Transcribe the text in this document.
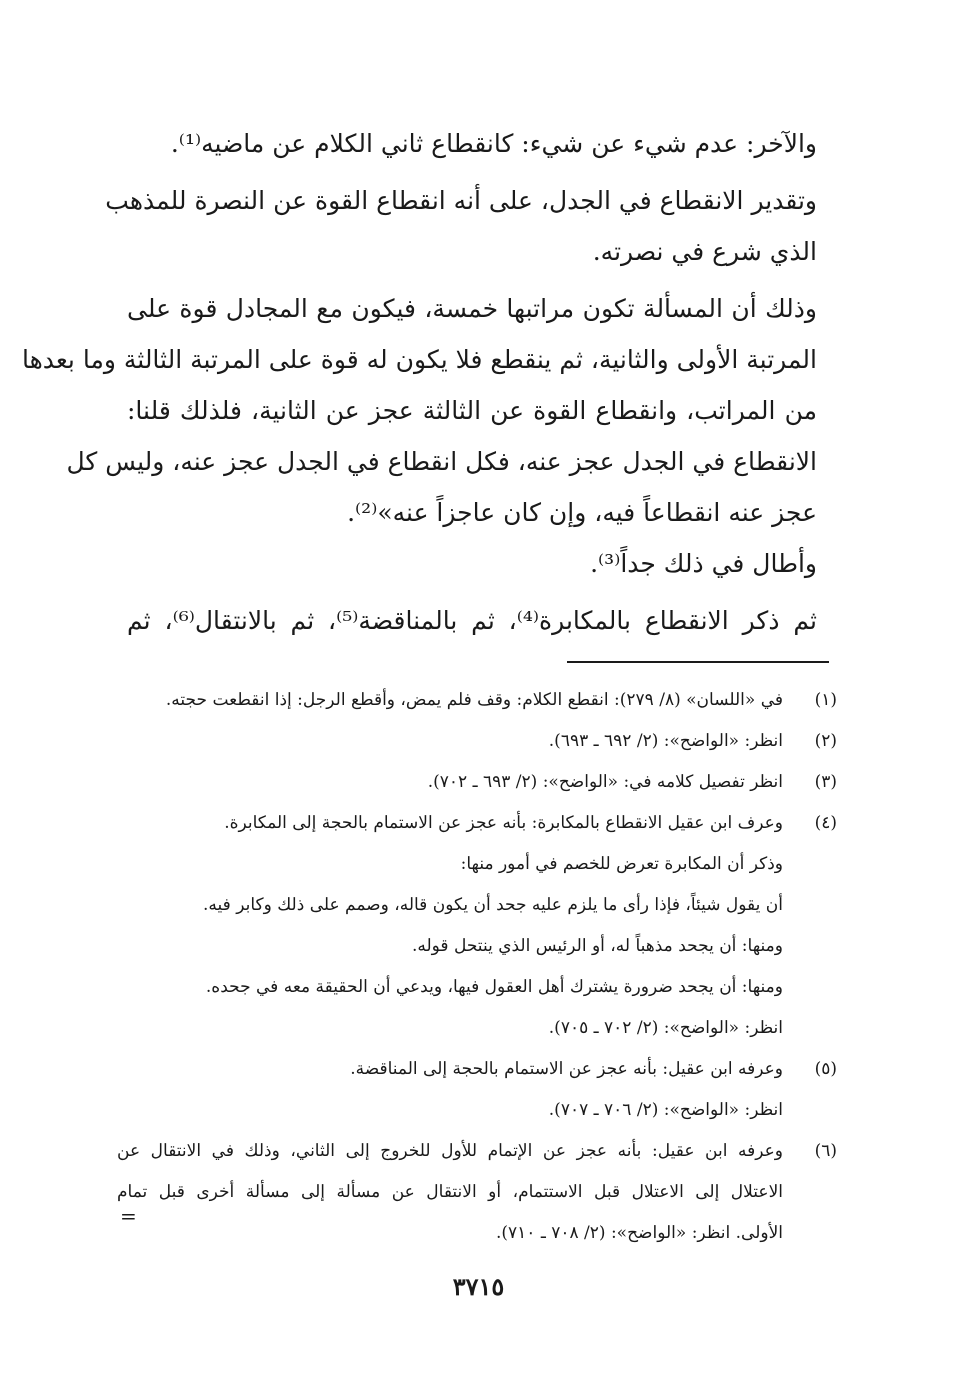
والآخر: عدم شيء عن شيء: كانقطاع ثاني الكلام عن ماضيه⁽¹⁾.
وتقدير الانقطاع في الجدل، على أنه انقطاع القوة عن النصرة للمذهب
الذي شرع في نصرته.
وذلك أن المسألة تكون مراتبها خمسة، فيكون مع المجادل قوة على
المرتبة الأولى والثانية، ثم ينقطع فلا يكون له قوة على المرتبة الثالثة وما بعدها
من المراتب، وانقطاع القوة عن الثالثة عجز عن الثانية، فلذلك قلنا:
الانقطاع في الجدل عجز عنه، فكل انقطاع في الجدل عجز عنه، وليس كل
عجز عنه انقطاعاً فيه، وإن كان عاجزاً عنه»⁽²⁾.
وأطال في ذلك جداً⁽³⁾.
ثم ذكر الانقطاع بالمكابرة⁽⁴⁾، ثم بالمناقضة⁽⁵⁾، ثم بالانتقال⁽⁶⁾، ثم
(١)
في «اللسان» (٨/ ٢٧٩): انقطع الكلام: وقف فلم يمض، وأقطع الرجل: إذا انقطعت حجته.
(٢)
انظر: «الواضح»: (٢/ ٦٩٢ ـ ٦٩٣).
(٣)
انظر تفصيل كلامه في: «الواضح»: (٢/ ٦٩٣ ـ ٧٠٢).
(٤)
وعرف ابن عقيل الانقطاع بالمكابرة: بأنه عجز عن الاستمام بالحجة إلى المكابرة.
وذكر أن المكابرة تعرض للخصم في أمور منها:
أن يقول شيئاً، فإذا رأى ما يلزم عليه جحد أن يكون قاله، وصمم على ذلك وكابر فيه.
ومنها: أن يجحد مذهباً له، أو الرئيس الذي ينتحل قوله.
ومنها: أن يجحد ضرورة يشترك أهل العقول فيها، ويدعي أن الحقيقة معه في جحده.
انظر: «الواضح»: (٢/ ٧٠٢ ـ ٧٠٥).
(٥)
وعرفه ابن عقيل: بأنه عجز عن الاستمام بالحجة إلى المناقضة.
انظر: «الواضح»: (٢/ ٧٠٦ ـ ٧٠٧).
(٦)
وعرفه ابن عقيل: بأنه عجز عن الإتمام للأول للخروج إلى الثاني، وذلك في الانتقال عن
الاعتلال إلى الاعتلال قبل الاستتمام، أو الانتقال عن مسألة إلى مسألة أخرى قبل تمام
الأولى. انظر: «الواضح»: (٢/ ٧٠٨ ـ ٧١٠).
=
٣٧١٥
